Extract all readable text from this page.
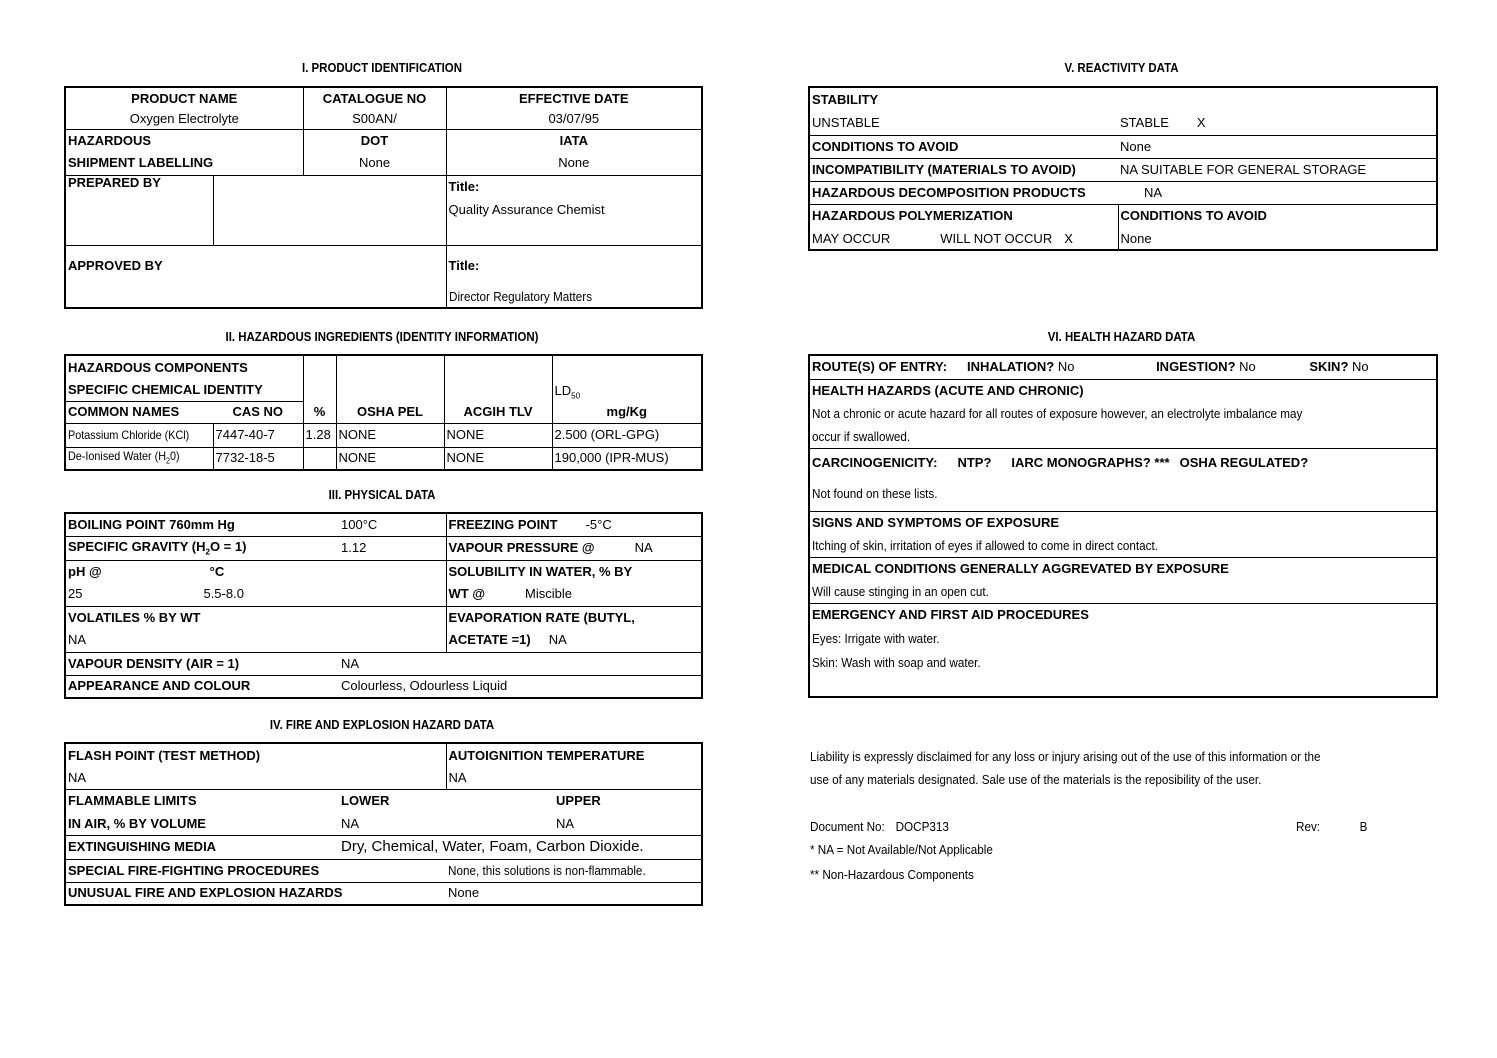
I. PRODUCT IDENTIFICATION
PRODUCT NAME		CATALOGUE NO	EFFECTIVE DATE
Oxygen Electrolyte		S00AN/	03/07/95
HAZARDOUS		DOT	IATA
SHIPMENT LABELLING		None	None
PREPARED BY			Title:
			Quality Assurance Chemist

APPROVED BY			Title:
			Director Regulatory Matters
II. HAZARDOUS INGREDIENTS (IDENTITY INFORMATION)
HAZARDOUS COMPONENTS					$LD_{50}$
SPECIFIC CHEMICAL IDENTITY					
COMMON NAMES	CAS NO	%	OSHA PEL	ACGIH TLV	mg/Kg
Potassium Chloride (KCl)	7447-40-7	1.28	NONE	NONE	2.500 (ORL-GPG)
De-Ionised Water $(H_20)$	7732-18-5		NONE	NONE	190,000 (IPR-MUS)
III. PHYSICAL DATA
BOILING POINT 760mm Hg	100°C	FREEZING POINT -5°C
SPECIFIC GRAVITY $(H_2O = 1)$	1.12	VAPOUR PRESSURE @ NA
pH @ °C		SOLUBILITY IN WATER, % BY
25 5.5-8.0		WT @ Miscible
VOLATILES % BY WT		EVAPORATION RATE (BUTYL,
NA		ACETATE =1) NA
VAPOUR DENSITY (AIR = 1)	NA	
APPEARANCE AND COLOUR	Colourless, Odourless Liquid	
IV. FIRE AND EXPLOSION HAZARD DATA
FLASH POINT (TEST METHOD)		AUTOIGNITION TEMPERATURE
NA		NA
FLAMMABLE LIMITS	LOWER	UPPER
IN AIR, % BY VOLUME	NA	NA
EXTINGUISHING MEDIA	Dry, Chemical, Water, Foam, Carbon Dioxide.	
SPECIAL FIRE-FIGHTING PROCEDURES		None, this solutions is non-flammable.
UNUSUAL FIRE AND EXPLOSION HAZARDS		None
V. REACTIVITY DATA
STABILITY	
UNSTABLE	STABLE X
CONDITIONS TO AVOID	None
INCOMPATIBILITY (MATERIALS TO AVOID)	NA SUITABLE FOR GENERAL STORAGE
HAZARDOUS DECOMPOSITION PRODUCTS	NA
HAZARDOUS POLYMERIZATION	CONDITIONS TO AVOID
MAY OCCUR WILL NOT OCCUR X	None
VI. HEALTH HAZARD DATA
ROUTE(S) OF ENTRY: INHALATION? No	INGESTION? No	SKIN? No
HEALTH HAZARDS (ACUTE AND CHRONIC)
Not a chronic or acute hazard for all routes of exposure however, an electrolyte imbalance may
occur if swallowed.
CARCINOGENICITY: NTP? IARC MONOGRAPHS? *** OSHA REGULATED?
Not found on these lists.
SIGNS AND SYMPTOMS OF EXPOSURE
Itching of skin, irritation of eyes if allowed to come in direct contact.
MEDICAL CONDITIONS GENERALLY AGGREVATED BY EXPOSURE
Will cause stinging in an open cut.
EMERGENCY AND FIRST AID PROCEDURES
Eyes: Irrigate with water.
Skin: Wash with soap and water.

Liability is expressly disclaimed for any loss or injury arising out of the use of this information or the
use of any materials designated. Sale use of the materials is the reposibility of the user.
Document No: DOCP313	Rev:	B
* NA = Not Available/Not Applicable
** Non-Hazardous Components
